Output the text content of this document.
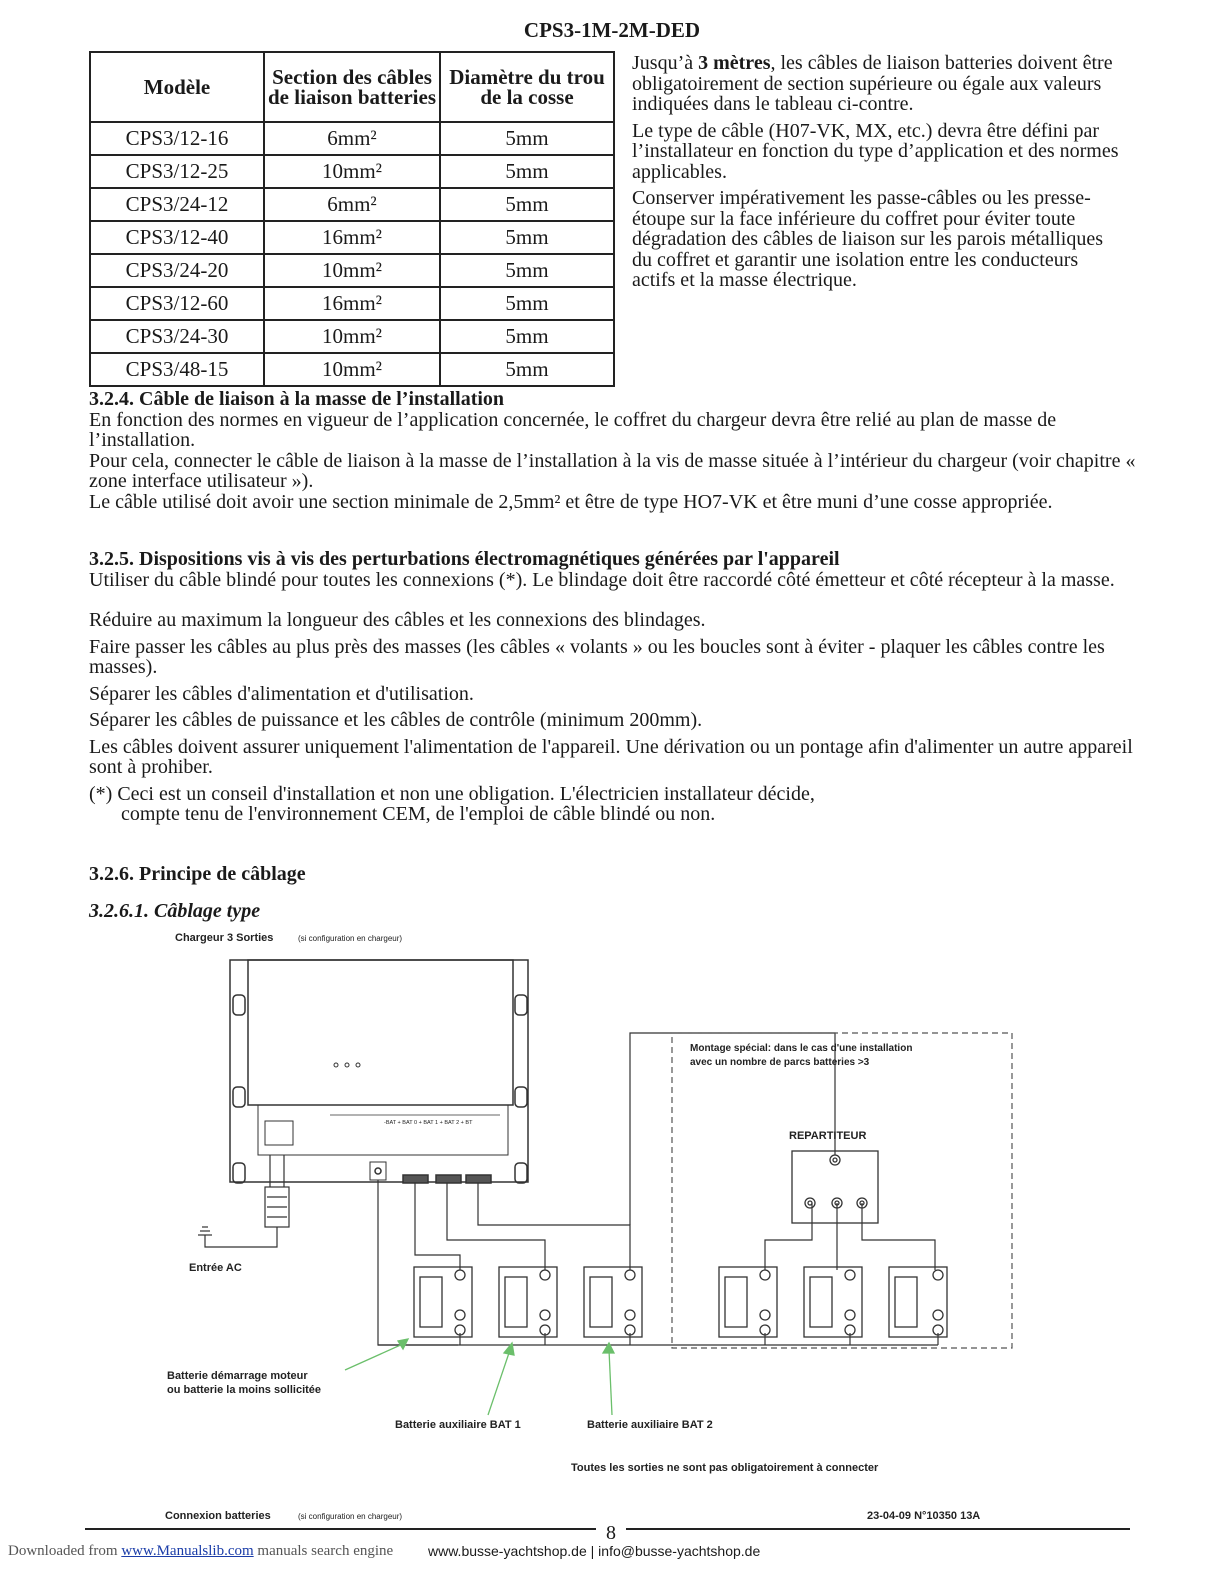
CPS3-1M-2M-DED
Modèle	Section des câbles de liaison batteries	Diamètre du trou de la cosse
CPS3/12-16	6mm²	5mm
CPS3/12-25	10mm²	5mm
CPS3/24-12	6mm²	5mm
CPS3/12-40	16mm²	5mm
CPS3/24-20	10mm²	5mm
CPS3/12-60	16mm²	5mm
CPS3/24-30	10mm²	5mm
CPS3/48-15	10mm²	5mm

Jusqu’à 3 mètres, les câbles de liaison batteries doivent être obligatoirement de section supérieure ou égale aux valeurs indiquées dans le tableau ci-contre.

Le type de câble (H07-VK, MX, etc.) devra être défini par l’installateur en fonction du type d’application et des normes applicables.

Conserver impérativement les passe-câbles ou les presse-étoupe sur la face inférieure du coffret pour éviter toute dégradation des câbles de liaison sur les parois métalliques du coffret et garantir une isolation entre les conducteurs actifs et la masse électrique.

3.2.4. Câble de liaison à la masse de l’installation

En fonction des normes en vigueur de l’application concernée, le coffret du chargeur devra être relié au plan de masse de l’installation.

Pour cela, connecter le câble de liaison à la masse de l’installation à la vis de masse située à l’intérieur du chargeur (voir chapitre « zone interface utilisateur »).

Le câble utilisé doit avoir une section minimale de 2,5mm² et être de type HO7-VK et être muni d’une cosse appropriée.

3.2.5. Dispositions vis à vis des perturbations électromagnétiques générées par l'appareil

Utiliser du câble blindé pour toutes les connexions (*). Le blindage doit être raccordé côté émetteur et côté récepteur à la masse.

Réduire au maximum la longueur des câbles et les connexions des blindages.

Faire passer les câbles au plus près des masses (les câbles « volants » ou les boucles sont à éviter - plaquer les câbles contre les masses).

Séparer les câbles d'alimentation et d'utilisation.

Séparer les câbles de puissance et les câbles de contrôle (minimum 200mm).

Les câbles doivent assurer uniquement l'alimentation de l'appareil. Une dérivation ou un pontage afin d'alimenter un autre appareil sont à prohiber.

(*) Ceci est un conseil d'installation et non une obligation. L'électricien installateur décide,

compte tenu de l'environnement CEM, de l'emploi de câble blindé ou non.

3.2.6. Principe de câblage
3.2.6.1. Câblage type
Chargeur 3 Sorties	(si configuration en chargeur)
-BAT + BAT 0 + BAT 1 + BAT 2 + BT
Entrée AC
Montage spécial: dans le cas d'une installation
avec un nombre de parcs batteries >3
REPARTITEUR
Batterie démarrage moteur
ou batterie la moins sollicitée
Batterie auxiliaire BAT 1	Batterie auxiliaire BAT 2
Toutes les sorties ne sont pas obligatoirement à connecter
Connexion batteries	(si configuration en chargeur)	23-04-09 N°10350 13A
8
Downloaded from www.Manualslib.com manuals search engine www.busse-yachtshop.de | info@busse-yachtshop.de
